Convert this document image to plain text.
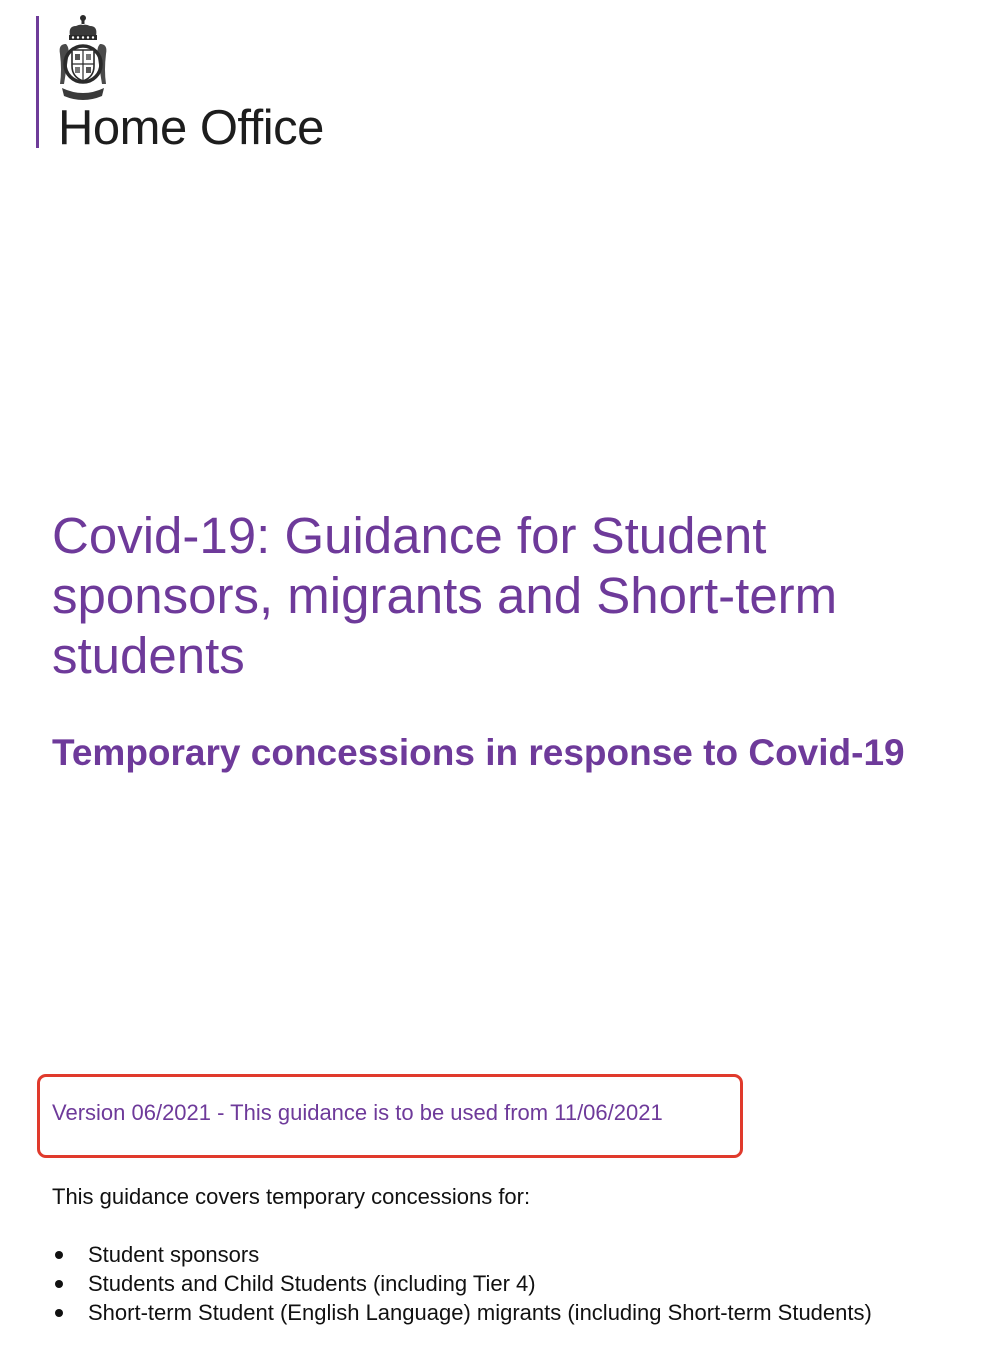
Home Office
Covid-19: Guidance for Student sponsors, migrants and Short-term students
Temporary concessions in response to Covid-19
Version 06/2021 - This guidance is to be used from 11/06/2021
This guidance covers temporary concessions for:
Student sponsors
Students and Child Students (including Tier 4)
Short-term Student (English Language) migrants (including Short-term Students)
